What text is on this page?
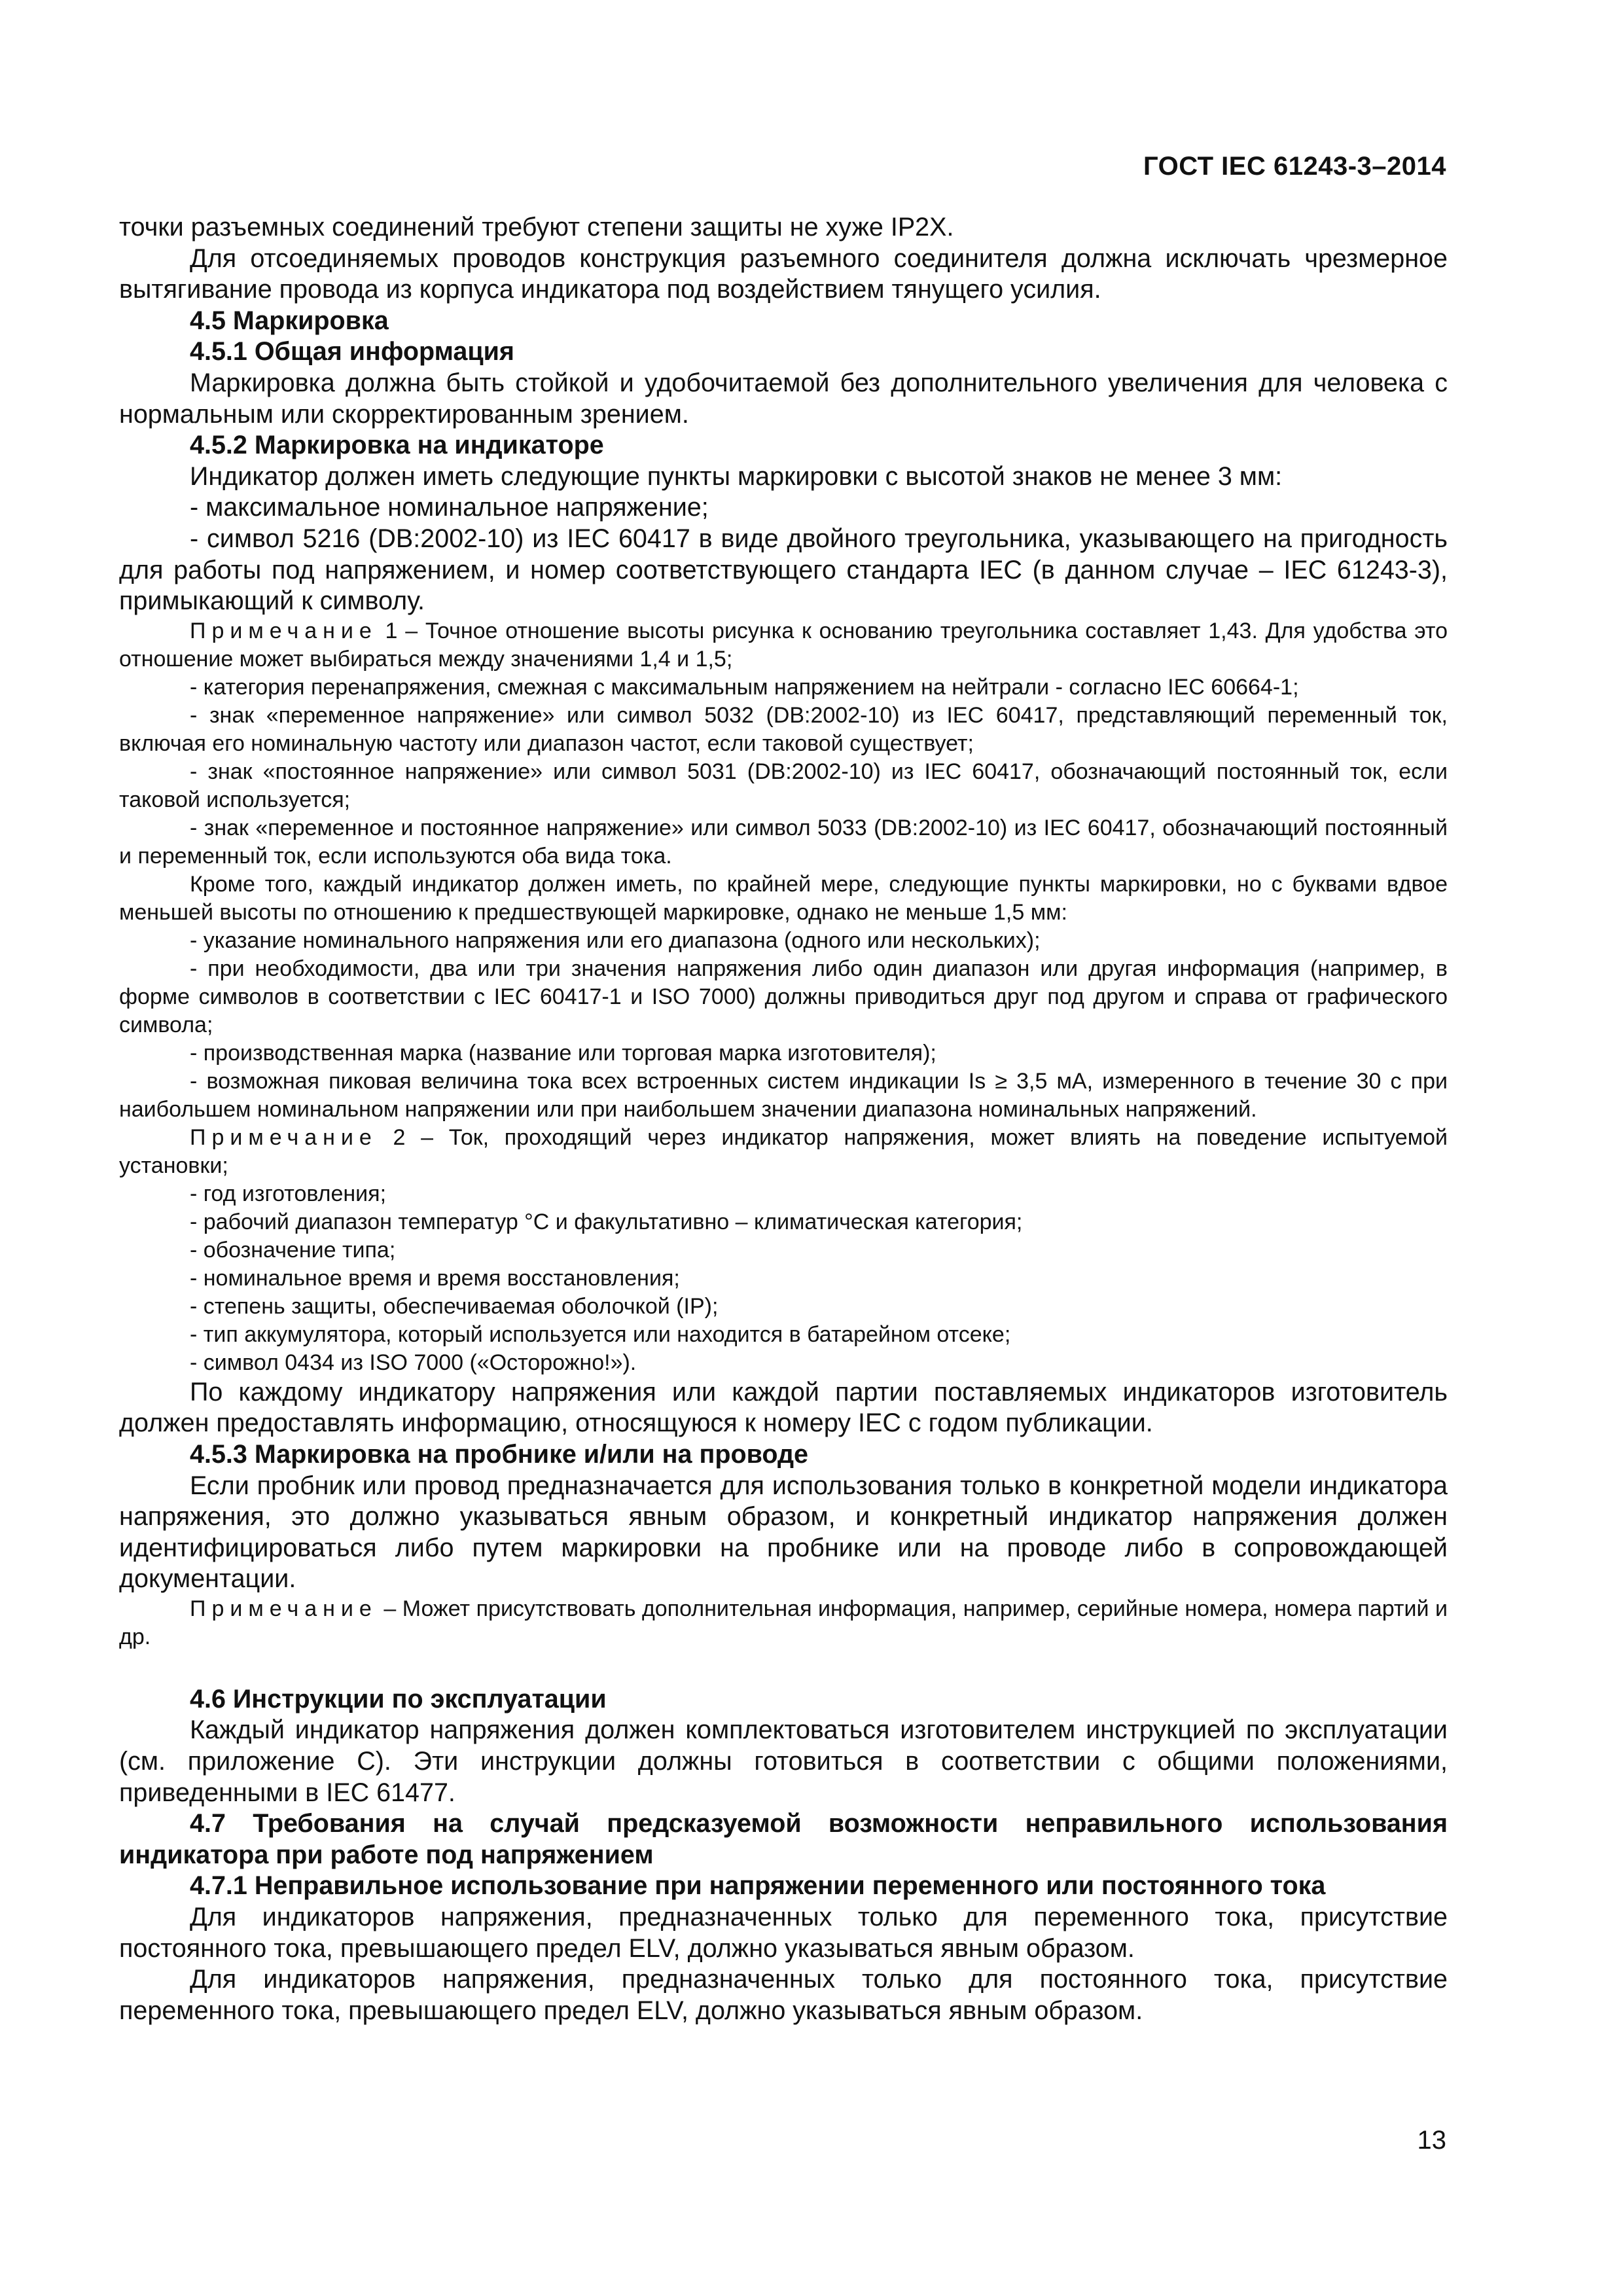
ГОСТ IEC 61243-3–2014

точки разъемных соединений требуют степени защиты не хуже IP2X.

Для отсоединяемых проводов конструкция разъемного соединителя должна исключать чрезмерное вытягивание провода из корпуса индикатора под воздействием тянущего усилия.

4.5 Маркировка

4.5.1 Общая информация

Маркировка должна быть стойкой и удобочитаемой без дополнительного увеличения для человека с нормальным или скорректированным зрением.

4.5.2 Маркировка на индикаторе

Индикатор должен иметь следующие пункты маркировки с высотой знаков не менее 3 мм:

- максимальное номинальное напряжение;

- символ 5216 (DB:2002-10) из IEC 60417 в виде двойного треугольника, указывающего на пригодность для работы под напряжением, и номер соответствующего стандарта IEC (в данном случае – IEC 61243-3), примыкающий к символу.

Примечание 1 – Точное отношение высоты рисунка к основанию треугольника составляет 1,43. Для удобства это отношение может выбираться между значениями 1,4 и 1,5;

- категория перенапряжения, смежная с максимальным напряжением на нейтрали - согласно IEC 60664-1;

- знак «переменное напряжение» или символ 5032 (DB:2002-10) из IEC 60417, представляющий переменный ток, включая его номинальную частоту или диапазон частот, если таковой существует;

- знак «постоянное напряжение» или символ 5031 (DB:2002-10) из IEC 60417, обозначающий постоянный ток, если таковой используется;

- знак «переменное и постоянное напряжение» или символ 5033 (DB:2002-10) из IEC 60417, обозначающий постоянный и переменный ток, если используются оба вида тока.

Кроме того, каждый индикатор должен иметь, по крайней мере, следующие пункты маркировки, но с буквами вдвое меньшей высоты по отношению к предшествующей маркировке, однако не меньше 1,5 мм:

- указание номинального напряжения или его диапазона (одного или нескольких);

- при необходимости, два или три значения напряжения либо один диапазон или другая информация (например, в форме символов в соответствии с IEC 60417-1 и ISO 7000) должны приводиться друг под другом и справа от графического символа;

- производственная марка (название или торговая марка изготовителя);

- возможная пиковая величина тока всех встроенных систем индикации Is ≥ 3,5 мА, измеренного в течение 30 с при наибольшем номинальном напряжении или при наибольшем значении диапазона номинальных напряжений.

Примечание 2 – Ток, проходящий через индикатор напряжения, может влиять на поведение испытуемой установки;

- год изготовления;

- рабочий диапазон температур °C и факультативно – климатическая категория;

- обозначение типа;

- номинальное время и время восстановления;

- степень защиты, обеспечиваемая оболочкой (IP);

- тип аккумулятора, который используется или находится в батарейном отсеке;

- символ 0434 из ISO 7000 («Осторожно!»).

По каждому индикатору напряжения или каждой партии поставляемых индикаторов изготовитель должен предоставлять информацию, относящуюся к номеру IEC с годом публикации.

4.5.3 Маркировка на пробнике и/или на проводе

Если пробник или провод предназначается для использования только в конкретной модели индикатора напряжения, это должно указываться явным образом, и конкретный индикатор напряжения должен идентифицироваться либо путем маркировки на пробнике или на проводе либо в сопровождающей документации.

Примечание – Может присутствовать дополнительная информация, например, серийные номера, номера партий и др.

4.6 Инструкции по эксплуатации

Каждый индикатор напряжения должен комплектоваться изготовителем инструкцией по эксплуатации (см. приложение С). Эти инструкции должны готовиться в соответствии с общими положениями, приведенными в IEC 61477.

4.7 Требования на случай предсказуемой возможности неправильного использования индикатора при работе под напряжением

4.7.1 Неправильное использование при напряжении переменного или постоянного тока

Для индикаторов напряжения, предназначенных только для переменного тока, присутствие постоянного тока, превышающего предел ELV, должно указываться явным образом.

Для индикаторов напряжения, предназначенных только для постоянного тока, присутствие переменного тока, превышающего предел ELV, должно указываться явным образом.

13
